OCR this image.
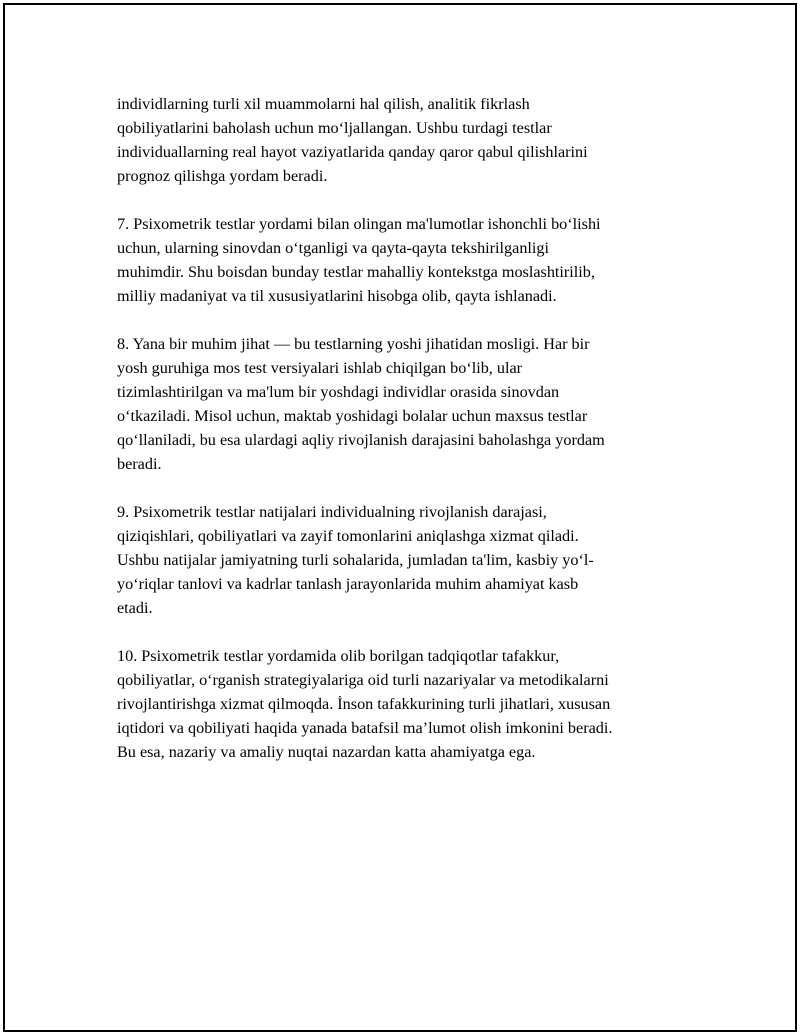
individlarning turli xil muammolarni hal qilish, analitik fikrlash
qobiliyatlarini baholash uchun mo‘ljallangan. Ushbu turdagi testlar
individuallarning real hayot vaziyatlarida qanday qaror qabul qilishlarini
prognoz qilishga yordam beradi.

7. Psixometrik testlar yordami bilan olingan ma'lumotlar ishonchli bo‘lishi
uchun, ularning sinovdan o‘tganligi va qayta-qayta tekshirilganligi
muhimdir. Shu boisdan bunday testlar mahalliy kontekstga moslashtirilib,
milliy madaniyat va til xususiyatlarini hisobga olib, qayta ishlanadi.

8. Yana bir muhim jihat — bu testlarning yoshi jihatidan mosligi. Har bir
yosh guruhiga mos test versiyalari ishlab chiqilgan bo‘lib, ular
tizimlashtirilgan va ma'lum bir yoshdagi individlar orasida sinovdan
o‘tkaziladi. Misol uchun, maktab yoshidagi bolalar uchun maxsus testlar
qo‘llaniladi, bu esa ulardagi aqliy rivojlanish darajasini baholashga yordam
beradi.

9. Psixometrik testlar natijalari individualning rivojlanish darajasi,
qiziqishlari, qobiliyatlari va zayif tomonlarini aniqlashga xizmat qiladi.
Ushbu natijalar jamiyatning turli sohalarida, jumladan ta'lim, kasbiy yo‘l-
yo‘riqlar tanlovi va kadrlar tanlash jarayonlarida muhim ahamiyat kasb
etadi.

10. Psixometrik testlar yordamida olib borilgan tadqiqotlar tafakkur,
qobiliyatlar, o‘rganish strategiyalariga oid turli nazariyalar va metodikalarni
rivojlantirishga xizmat qilmoqda. İnson tafakkurining turli jihatlari, xususan
iqtidori va qobiliyati haqida yanada batafsil ma’lumot olish imkonini beradi.
Bu esa, nazariy va amaliy nuqtai nazardan katta ahamiyatga ega.
